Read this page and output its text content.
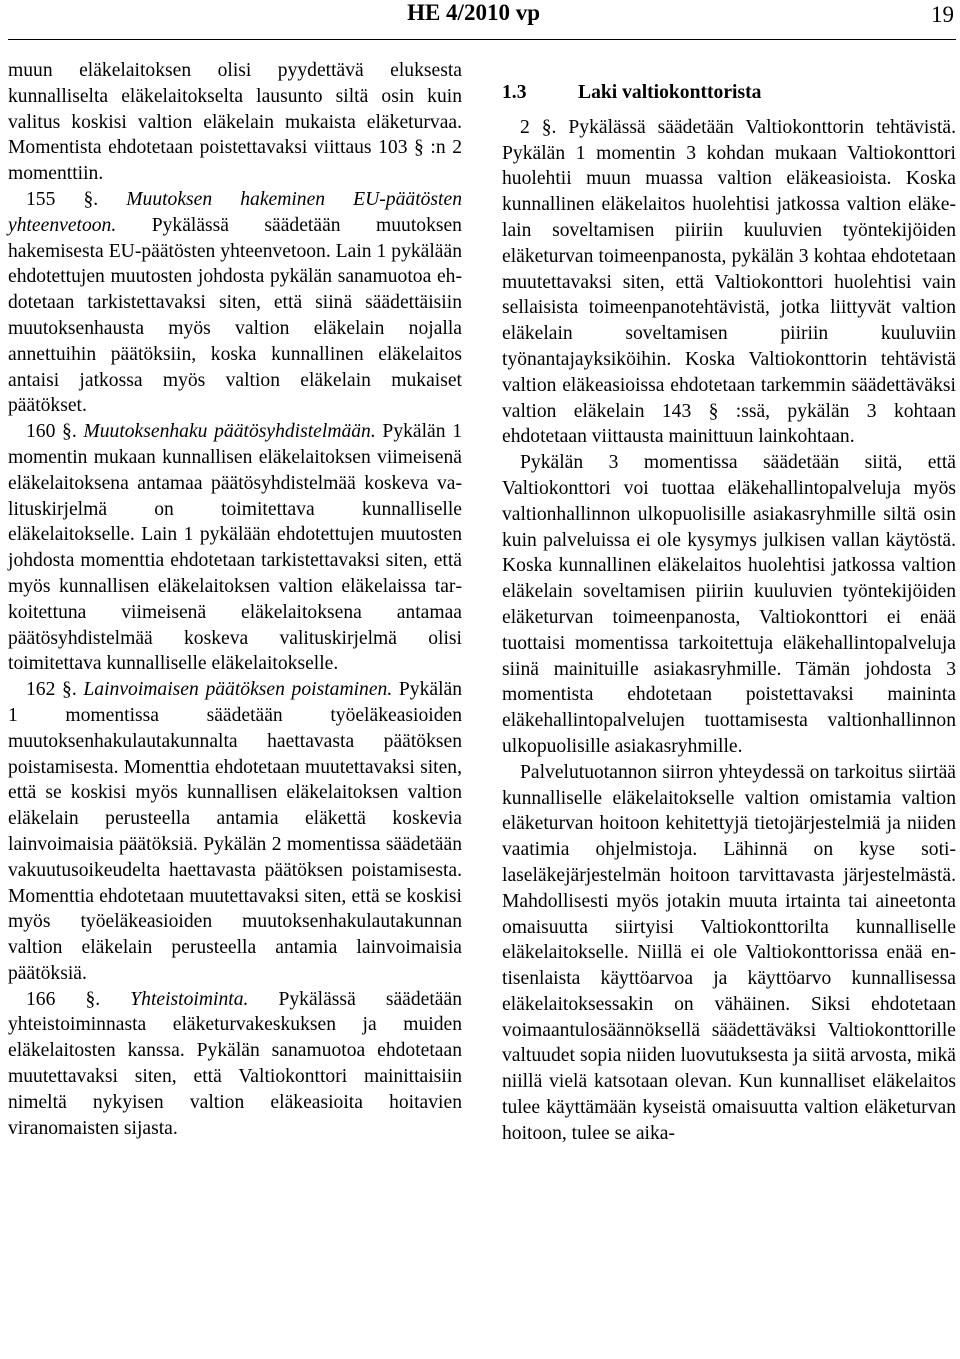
HE 4/2010 vp	19

muun eläkelaitoksen olisi pyydettävä eluksesta kunnalliselta eläkelaitokselta lausunto siltä osin kuin valitus koskisi valtion eläkelain mukaista eläketurvaa. Momentista ehdotetaan poistettavaksi viittaus 103 § :n 2 momenttiin.

155 §. Muutoksen hakeminen EU-päätösten yhteenvetoon. Pykälässä säädetään muutoksen hakemisesta EU-päätösten yhteenvetoon. Lain 1 pykälään ehdotettujen muutosten johdosta pykälän sanamuotoa ehdotetaan tarkistettavaksi siten, että siinä säädettäisiin muutoksenhausta myös valtion eläkelain nojalla annettuihin päätöksiin, koska kunnallinen eläkelaitos antaisi jatkossa myös valtion eläkelain mukaiset päätökset.

160 §. Muutoksenhaku päätösyhdistelmään. Pykälän 1 momentin mukaan kunnallisen eläkelaitoksen viimeisenä eläkelaitoksena antamaa päätösyhdistelmää koskeva valituskirjelmä on toimitettava kunnalliselle eläkelaitokselle. Lain 1 pykälään ehdotettujen muutosten johdosta momenttia ehdotetaan tarkistettavaksi siten, että myös kunnallisen eläkelaitoksen valtion eläkelaissa tarkoitettuna viimeisenä eläkelaitoksena antamaa päätösyhdistelmää koskeva valituskirjelmä olisi toimitettava kunnalliselle eläkelaitokselle.

162 §. Lainvoimaisen päätöksen poistaminen. Pykälän 1 momentissa säädetään työeläkeasioiden muutoksenhakulautakunnalta haettavasta päätöksen poistamisesta. Momenttia ehdotetaan muutettavaksi siten, että se koskisi myös kunnallisen eläkelaitoksen valtion eläkelain perusteella antamia eläkettä koskevia lainvoimaisia päätöksiä. Pykälän 2 momentissa säädetään vakuutusoikeudelta haettavasta päätöksen poistamisesta. Momenttia ehdotetaan muutettavaksi siten, että se koskisi myös työeläkeasioiden muutoksenhakulautakunnan valtion eläkelain perusteella antamia lainvoimaisia päätöksiä.

166 §. Yhteistoiminta. Pykälässä säädetään yhteistoiminnasta eläketurvakeskuksen ja muiden eläkelaitosten kanssa. Pykälän sanamuotoa ehdotetaan muutettavaksi siten, että Valtiokonttori mainittaisiin nimeltä nykyisen valtion eläkeasioita hoitavien viranomaisten sijasta.

1.3	Laki valtiokonttorista

2 §. Pykälässä säädetään Valtiokonttorin tehtävistä. Pykälän 1 momentin 3 kohdan mukaan Valtiokonttori huolehtii muun muassa valtion eläkeasioista. Koska kunnallinen eläkelaitos huolehtisi jatkossa valtion eläkelain soveltamisen piiriin kuuluvien työntekijöiden eläketurvan toimeenpanosta, pykälän 3 kohtaa ehdotetaan muutettavaksi siten, että Valtiokonttori huolehtisi vain sellaisista toimeenpanotehtävistä, jotka liittyvät valtion eläkelain soveltamisen piiriin kuuluviin työnantajayksiköihin. Koska Valtiokonttorin tehtävistä valtion eläkeasioissa ehdotetaan tarkemmin säädettäväksi valtion eläkelain 143 § :ssä, pykälän 3 kohtaan ehdotetaan viittausta mainittuun lainkohtaan.

Pykälän 3 momentissa säädetään siitä, että Valtiokonttori voi tuottaa eläkehallintopalveluja myös valtionhallinnon ulkopuolisille asiakasryhmille siltä osin kuin palveluissa ei ole kysymys julkisen vallan käytöstä. Koska kunnallinen eläkelaitos huolehtisi jatkossa valtion eläkelain soveltamisen piiriin kuuluvien työntekijöiden eläketurvan toimeenpanosta, Valtiokonttori ei enää tuottaisi momentissa tarkoitettuja eläkehallintopalveluja siinä mainituille asiakasryhmille. Tämän johdosta 3 momentista ehdotetaan poistettavaksi maininta eläkehallintopalvelujen tuottamisesta valtionhallinnon ulkopuolisille asiakasryhmille.

Palvelutuotannon siirron yhteydessä on tarkoitus siirtää kunnalliselle eläkelaitokselle valtion omistamia valtion eläketurvan hoitoon kehitettyjä tietojärjestelmiä ja niiden vaatimia ohjelmistoja. Lähinnä on kyse sotilaseläkejärjestelmän hoitoon tarvittavasta järjestelmästä. Mahdollisesti myös jotakin muuta irtainta tai aineetonta omaisuutta siirtyisi Valtiokonttorilta kunnalliselle eläkelaitokselle. Niillä ei ole Valtiokonttorissa enää entisenlaista käyttöarvoa ja käyttöarvo kunnallisessa eläkelaitoksessakin on vähäinen. Siksi ehdotetaan voimaantulosäännöksellä säädettäväksi Valtiokonttorille valtuudet sopia niiden luovutuksesta ja siitä arvosta, mikä niillä vielä katsotaan olevan. Kun kunnalliset eläkelaitos tulee käyttämään kyseistä omaisuutta valtion eläketurvan hoitoon, tulee se aika-
